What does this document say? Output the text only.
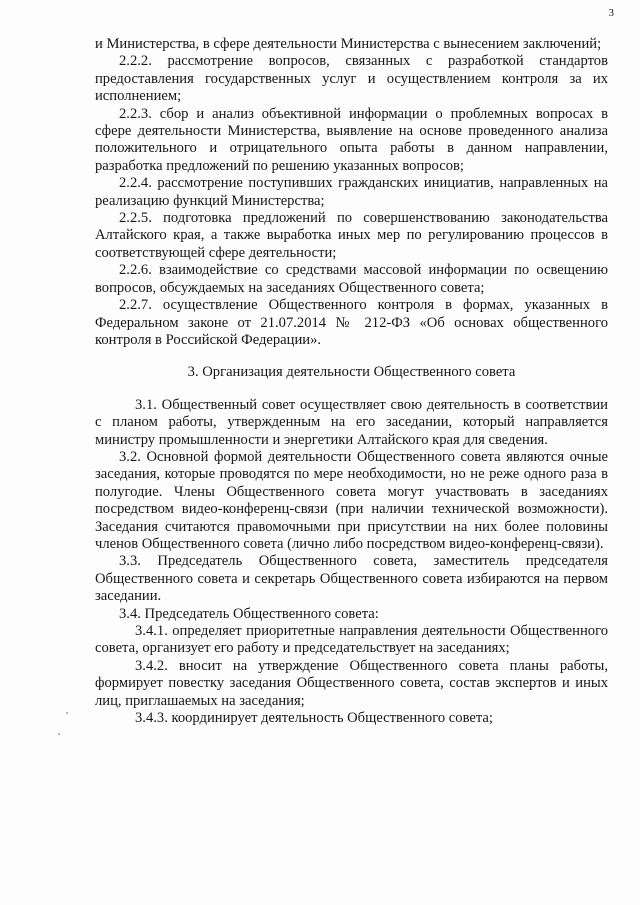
3

и Министерства, в сфере деятельности Министерства с вынесением заключений;

2.2.2. рассмотрение вопросов, связанных с разработкой стандартов предоставления государственных услуг и осуществлением контроля за их исполнением;

2.2.3. сбор и анализ объективной информации о проблемных вопросах в сфере деятельности Министерства, выявление на основе проведенного анализа положительного и отрицательного опыта работы в данном направлении, разработка предложений по решению указанных вопросов;

2.2.4. рассмотрение поступивших гражданских инициатив, направленных на реализацию функций Министерства;

2.2.5. подготовка предложений по совершенствованию законодательства Алтайского края, а также выработка иных мер по регулированию процессов в соответствующей сфере деятельности;

2.2.6. взаимодействие со средствами массовой информации по освещению вопросов, обсуждаемых на заседаниях Общественного совета;

2.2.7. осуществление Общественного контроля в формах, указанных в Федеральном законе от 21.07.2014 № 212-ФЗ «Об основах общественного контроля в Российской Федерации».

3. Организация деятельности Общественного совета

3.1. Общественный совет осуществляет свою деятельность в соответствии с планом работы, утвержденным на его заседании, который направляется министру промышленности и энергетики Алтайского края для сведения.

3.2. Основной формой деятельности Общественного совета являются очные заседания, которые проводятся по мере необходимости, но не реже одного раза в полугодие. Члены Общественного совета могут участвовать в заседаниях посредством видео-конференц-связи (при наличии технической возможности). Заседания считаются правомочными при присутствии на них более половины членов Общественного совета (лично либо посредством видео-конференц-связи).

3.3. Председатель Общественного совета, заместитель председателя Общественного совета и секретарь Общественного совета избираются на первом заседании.

3.4. Председатель Общественного совета:

3.4.1. определяет приоритетные направления деятельности Общественного совета, организует его работу и председательствует на заседаниях;

3.4.2. вносит на утверждение Общественного совета планы работы, формирует повестку заседания Общественного совета, состав экспертов и иных лиц, приглашаемых на заседания;

3.4.3. координирует деятельность Общественного совета;
